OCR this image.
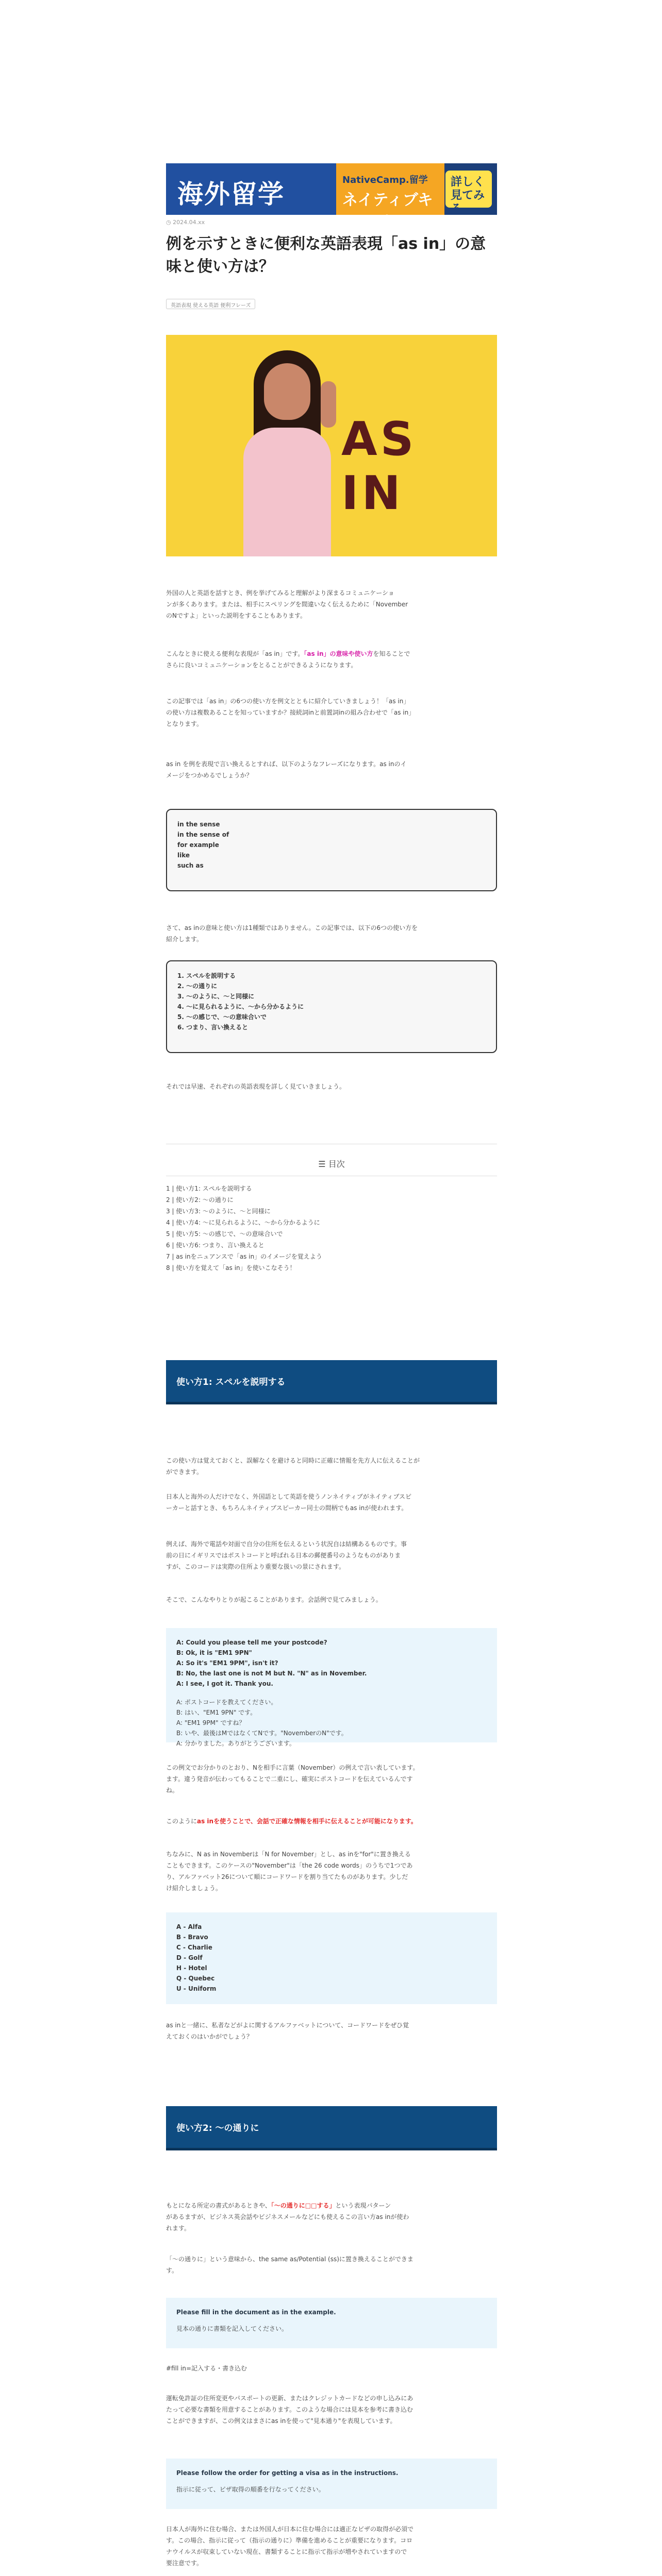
海外留学	NativeCamp.留学
ネイティブキャンプ
詳しく見てみる
◷ 2024.04.xx
例を示すときに便利な英語表現「as in」の意
味と使い方は？
英語表現 使える英語 便利フレーズ
AS IN
外国の人と英語を話すとき、例を挙げてみると理解がより深まるコミュニケーショ
ンが多くあります。または、相手にスペリングを間違いなく伝えるために「November
のNですよ」といった説明をすることもあります。
こんなときに使える便利な表現が「as in」です。「as in」の意味や使い方を知ることで
さらに良いコミュニケーションをとることができるようになります。
この記事では「as in」の6つの使い方を例文とともに紹介していきましょう！「as in」
の使い方は複数あることを知っていますか？接続詞inと前置詞inの組み合わせで「as in」
となります。
as in を例を表現で言い換えるとすれば、以下のようなフレーズになります。as inのイ
メージをつかめるでしょうか？
in the sense
in the sense of
for example
like
such as
さて、as inの意味と使い方は1種類ではありません。この記事では、以下の6つの使い方を
紹介します。
1. スペルを説明する
2. 〜の通りに
3. 〜のように、〜と同様に
4. 〜に見られるように、〜から分かるように
5. 〜の感じで、〜の意味合いで
6. つまり、言い換えると
それでは早速、それぞれの英語表現を詳しく見ていきましょう。
☰ 目次
1 | 使い方1: スペルを説明する
2 | 使い方2: 〜の通りに
3 | 使い方3: 〜のように、〜と同様に
4 | 使い方4: 〜に見られるように、〜から分かるように
5 | 使い方5: 〜の感じで、〜の意味合いで
6 | 使い方6: つまり、言い換えると
7 | as inをニュアンスで「as in」のイメージを覚えよう
8 | 使い方を覚えて「as in」を使いこなそう！
使い方1: スペルを説明する
この使い方は覚えておくと、誤解なくを避けると同時に正確に情報を先方人に伝えることが
ができます。
日本人と海外の人だけでなく、外国語として英語を使うノンネイティブがネイティブスピ
ーカーと話すとき、もちろんネイティブスピーカー同士の間柄でもas inが使われます。
例えば、海外で電話や対面で自分の住所を伝えるという状況自は結構あるものです。事
前の日にイギリスではポストコードと呼ばれる日本の郵便番号のようなものがありま
すが、このコードは実際の住所より重要な扱いの景にされます。
そこで、こんなやりとりが起こることがあります。会話例で見てみましょう。
A: Could you please tell me your postcode?
B: Ok, it is "EM1 9PN"
A: So it's "EM1 9PM", isn't it?
B: No, the last one is not M but N. "N" as in November.
A: I see, I got it. Thank you.
A: ポストコードを教えてください。
B: はい、"EM1 9PN" です。
A: "EM1 9PM" ですね？
B: いや、最後はMではなくてNです。"NovemberのN"です。
A: 分かりました。ありがとうございます。
この例文でお分かりのとおり、Nを相手に言葉（November）の例えで言い表しています。
ます。違う発音が伝わってもることで二重にし、確実にポストコードを伝えているんです
ね。
このようにas inを使うことで、会話で正確な情報を相手に伝えることが可能になります。
ちなみに、N as in Novemberは「N for November」とし、as inを"for"に置き換える
こともできます。このケースの"November"は「the 26 code words」のうちで1つであ
り、アルファベット26について順にコードワードを割り当てたものがあります。少しだ
け紹介しましょう。
A - Alfa
B - Bravo
C - Charlie
D - Golf
H - Hotel
Q - Quebec
U - Uniform
as inと一緒に、私者などがよに関するアルファベットについて、コードワードをぜひ覚
えておくのはいかがでしょう？
使い方2: 〜の通りに
もとになる所定の書式があるときや、「〜の通りに□□する」という表現パターン
があるますが、ビジネス英会話やビジネスメールなどにも使えるこの言い方as inが使わ
れます。
「〜の通りに」という意味から、the same as/Potential (ss)に置き換えることができま
す。
Please fill in the document as in the example.
見本の通りに書類を記入してください。
#fill in=記入する・書き込む
運転免許証の住所変更やパスポートの更新、またはクレジットカードなどの申し込みにあ
たって必要な書類を用意することがあります。このような場合には見本を参考に書き込む
ことができますが、この例文はまさにas inを使って"見本通り"を表現しています。
Please follow the order for getting a visa as in the instructions.
指示に従って、ビザ取得の順番を行なってください。
日本人が海外に住む場合、または外国人が日本に住む場合には適正なビザの取得が必須で
す。この場合、指示に従って（指示の通りに）準備を進めることが重要になります。コロ
ナウイルスが収束していない現在、書類することに指示て指示が増やされていますので
要注意です。
